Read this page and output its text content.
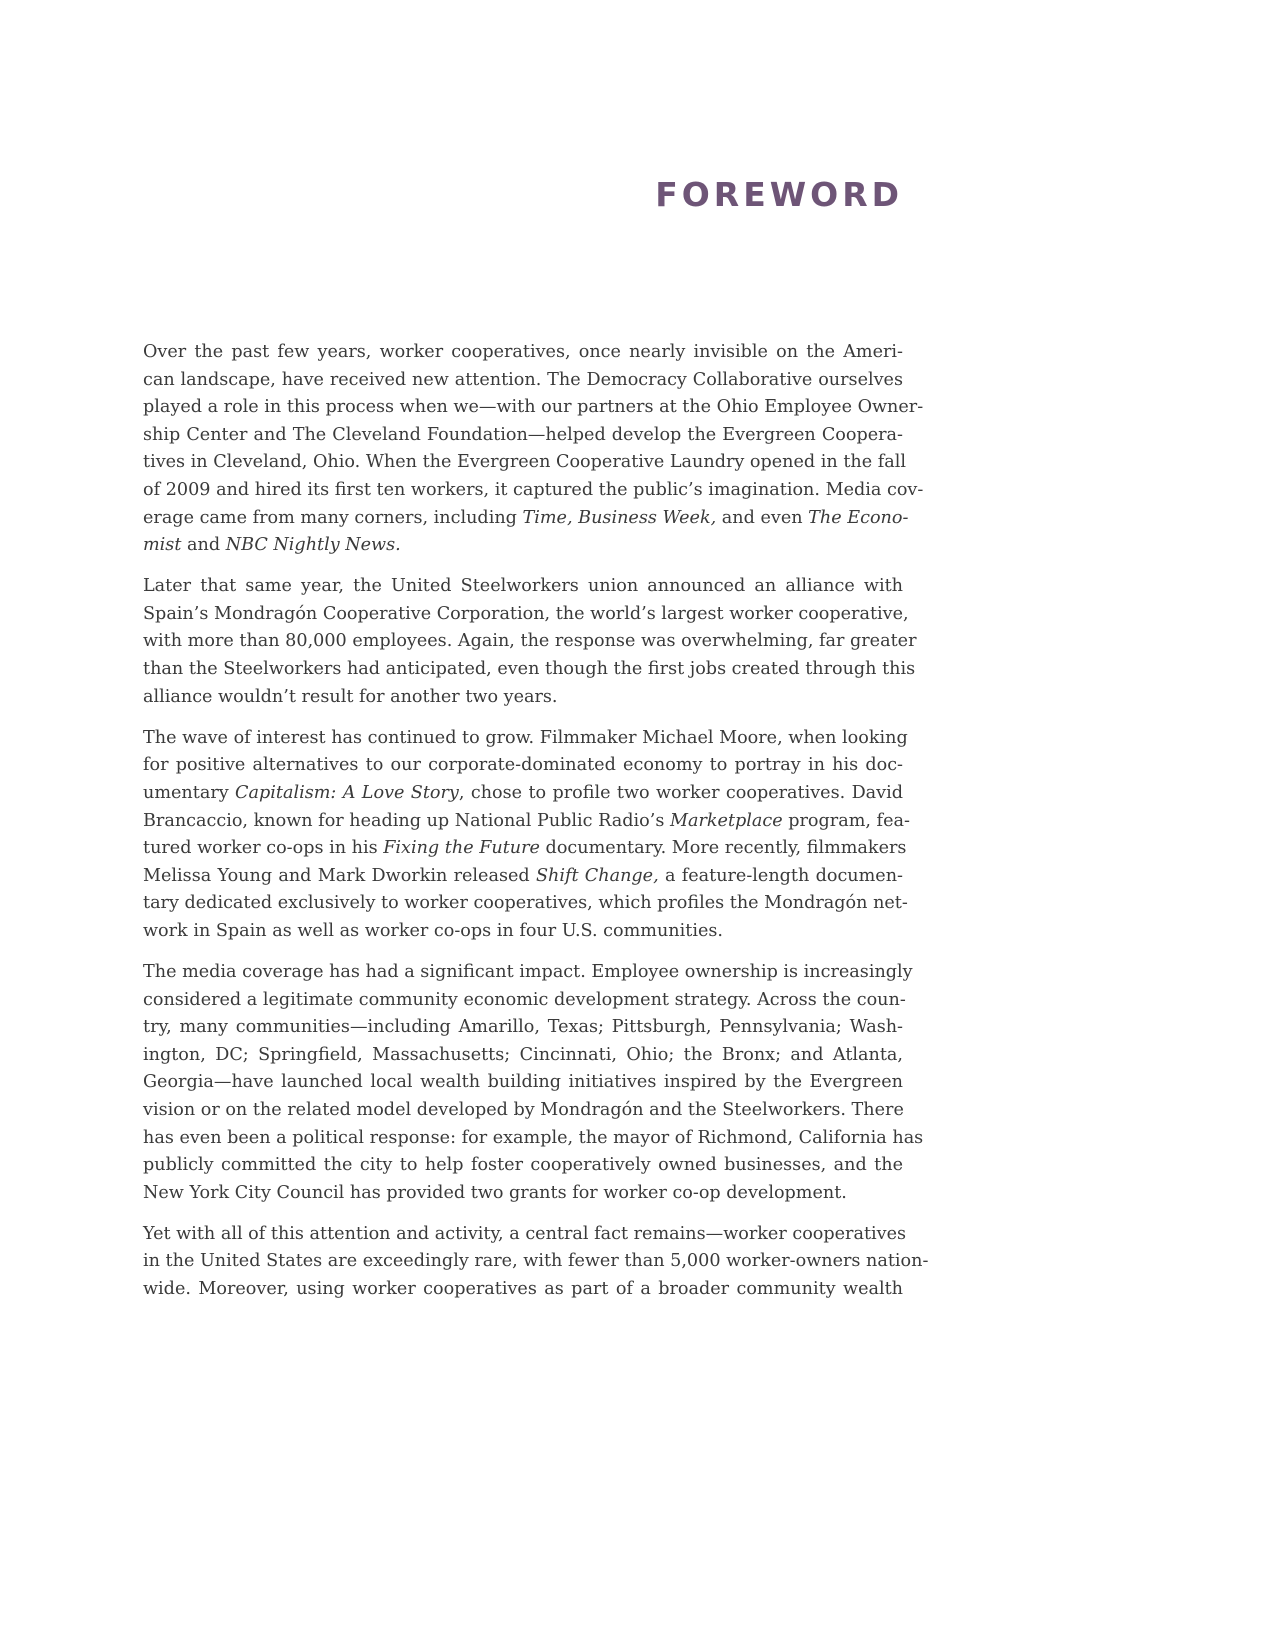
FOREWORD
Over the past few years, worker cooperatives, once nearly invisible on the Ameri-
can landscape, have received new attention. The Democracy Collaborative ourselves
played a role in this process when we—with our partners at the Ohio Employee Owner-
ship Center and The Cleveland Foundation—helped develop the Evergreen Coopera-
tives in Cleveland, Ohio. When the Evergreen Cooperative Laundry opened in the fall
of 2009 and hired its first ten workers, it captured the public’s imagination. Media cov-
erage came from many corners, including Time, Business Week, and even The Econo-
mist and NBC Nightly News.
Later that same year, the United Steelworkers union announced an alliance with
Spain’s Mondragón Cooperative Corporation, the world’s largest worker cooperative,
with more than 80,000 employees. Again, the response was overwhelming, far greater
than the Steelworkers had anticipated, even though the first jobs created through this
alliance wouldn’t result for another two years.
The wave of interest has continued to grow. Filmmaker Michael Moore, when looking
for positive alternatives to our corporate-dominated economy to portray in his doc-
umentary Capitalism: A Love Story, chose to profile two worker cooperatives. David
Brancaccio, known for heading up National Public Radio’s Marketplace program, fea-
tured worker co-ops in his Fixing the Future documentary. More recently, filmmakers
Melissa Young and Mark Dworkin released Shift Change, a feature-length documen-
tary dedicated exclusively to worker cooperatives, which profiles the Mondragón net-
work in Spain as well as worker co-ops in four U.S. communities.
The media coverage has had a significant impact. Employee ownership is increasingly
considered a legitimate community economic development strategy. Across the coun-
try, many communities—including Amarillo, Texas; Pittsburgh, Pennsylvania; Wash-
ington, DC; Springfield, Massachusetts; Cincinnati, Ohio; the Bronx; and Atlanta,
Georgia—have launched local wealth building initiatives inspired by the Evergreen
vision or on the related model developed by Mondragón and the Steelworkers. There
has even been a political response: for example, the mayor of Richmond, California has
publicly committed the city to help foster cooperatively owned businesses, and the
New York City Council has provided two grants for worker co-op development.
Yet with all of this attention and activity, a central fact remains—worker cooperatives
in the United States are exceedingly rare, with fewer than 5,000 worker-owners nation-
wide. Moreover, using worker cooperatives as part of a broader community wealth
